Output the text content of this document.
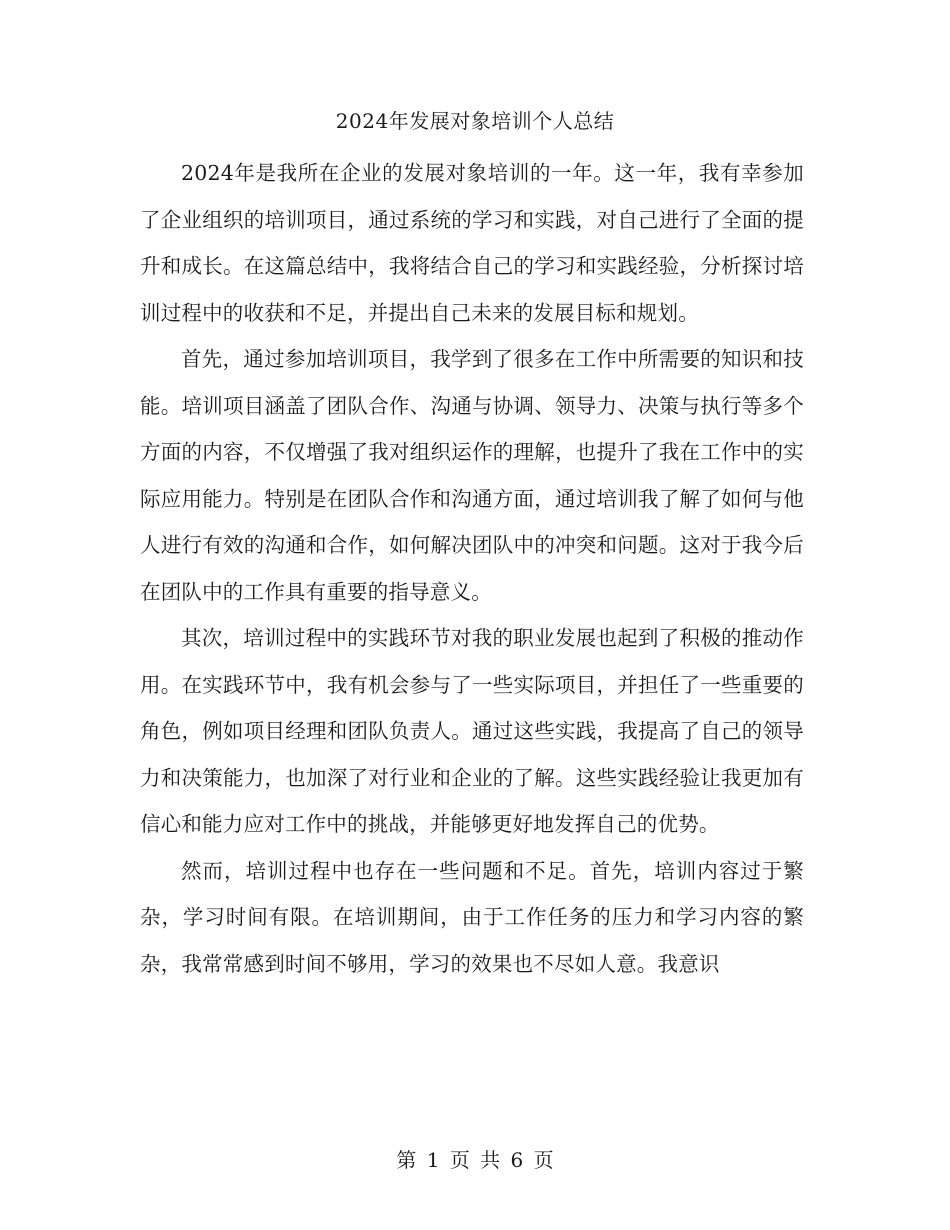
2024年发展对象培训个人总结

2024年是我所在企业的发展对象培训的一年。这一年，我有幸参加了企业组织的培训项目，通过系统的学习和实践，对自己进行了全面的提升和成长。在这篇总结中，我将结合自己的学习和实践经验，分析探讨培训过程中的收获和不足，并提出自己未来的发展目标和规划。

首先，通过参加培训项目，我学到了很多在工作中所需要的知识和技能。培训项目涵盖了团队合作、沟通与协调、领导力、决策与执行等多个方面的内容，不仅增强了我对组织运作的理解，也提升了我在工作中的实际应用能力。特别是在团队合作和沟通方面，通过培训我了解了如何与他人进行有效的沟通和合作，如何解决团队中的冲突和问题。这对于我今后在团队中的工作具有重要的指导意义。

其次，培训过程中的实践环节对我的职业发展也起到了积极的推动作用。在实践环节中，我有机会参与了一些实际项目，并担任了一些重要的角色，例如项目经理和团队负责人。通过这些实践，我提高了自己的领导力和决策能力，也加深了对行业和企业的了解。这些实践经验让我更加有信心和能力应对工作中的挑战，并能够更好地发挥自己的优势。

然而，培训过程中也存在一些问题和不足。首先，培训内容过于繁杂，学习时间有限。在培训期间，由于工作任务的压力和学习内容的繁杂，我常常感到时间不够用，学习的效果也不尽如人意。我意识

第 1 页 共 6 页
